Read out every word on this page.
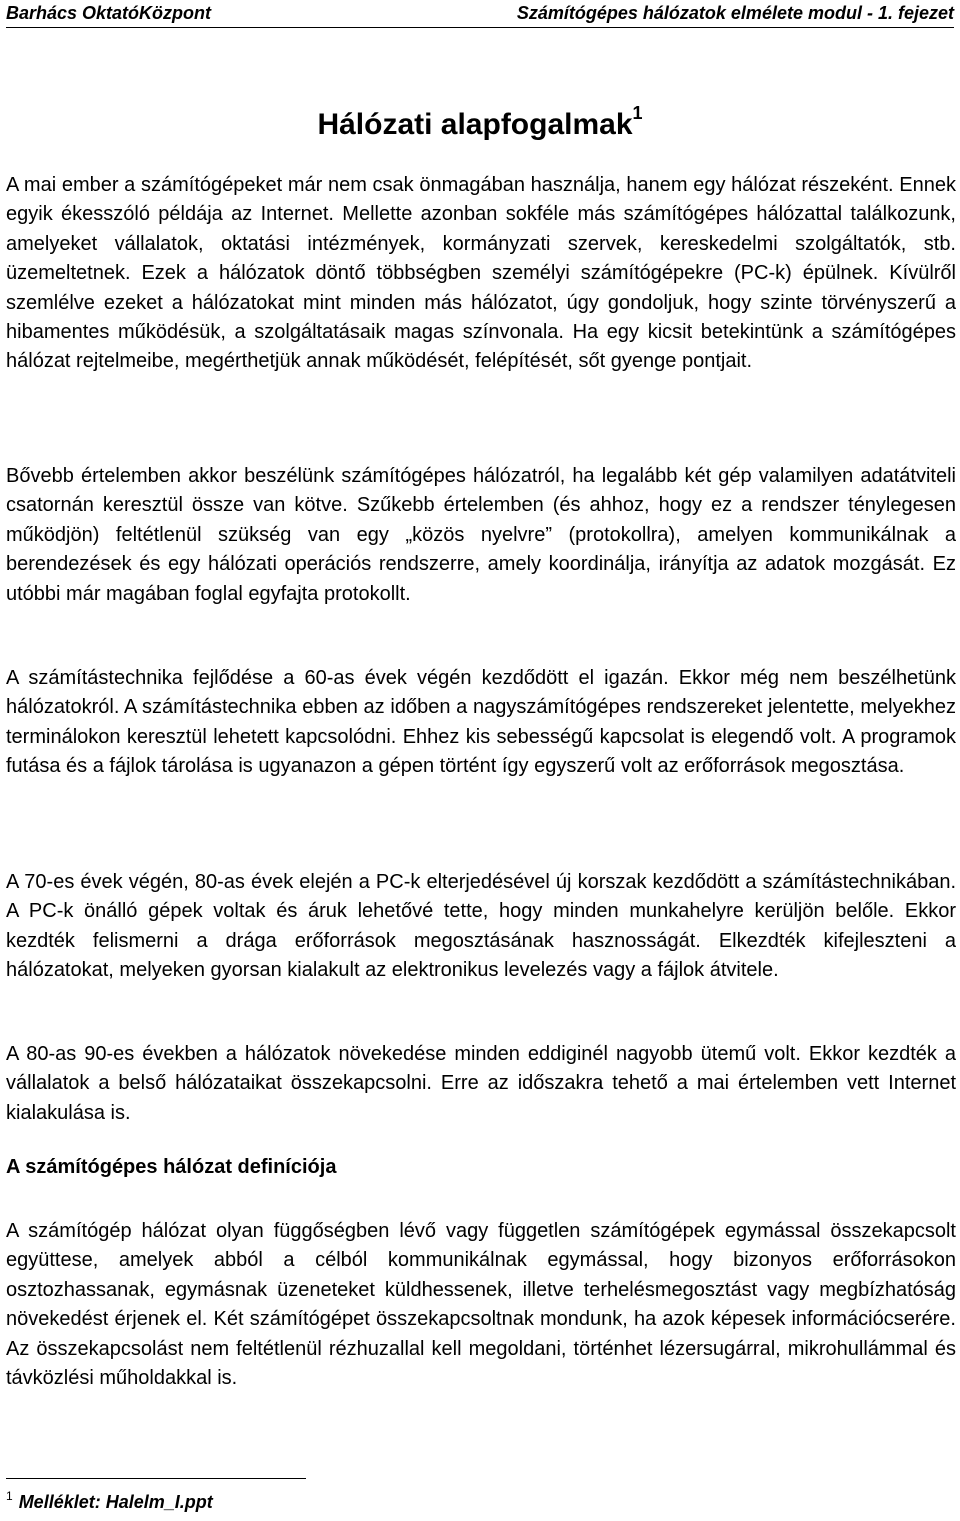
Barhács OktatóKözpont	Számítógépes hálózatok elmélete modul - 1. fejezet
Hálózati alapfogalmak$^1$

A mai ember a számítógépeket már nem csak önmagában használja, hanem egy hálózat részeként. Ennek egyik ékesszóló példája az Internet. Mellette azonban sokféle más számítógépes hálózattal találkozunk, amelyeket vállalatok, oktatási intézmények, kormányzati szervek, kereskedelmi szolgáltatók, stb. üzemeltetnek. Ezek a hálózatok döntő többségben személyi számítógépekre (PC-k) épülnek. Kívülről szemlélve ezeket a hálózatokat mint minden más hálózatot, úgy gondoljuk, hogy szinte törvényszerű a hibamentes működésük, a szolgáltatásaik magas színvonala. Ha egy kicsit betekintünk a számítógépes hálózat rejtelmeibe, megérthetjük annak működését, felépítését, sőt gyenge pontjait.

Bővebb értelemben akkor beszélünk számítógépes hálózatról, ha legalább két gép valamilyen adatátviteli csatornán keresztül össze van kötve. Szűkebb értelemben (és ahhoz, hogy ez a rendszer ténylegesen működjön) feltétlenül szükség van egy „közös nyelvre” (protokollra), amelyen kommunikálnak a berendezések és egy hálózati operációs rendszerre, amely koordinálja, irányítja az adatok mozgását. Ez utóbbi már magában foglal egyfajta protokollt.

A számítástechnika fejlődése a 60-as évek végén kezdődött el igazán. Ekkor még nem beszélhetünk hálózatokról. A számítástechnika ebben az időben a nagyszámítógépes rendszereket jelentette, melyekhez terminálokon keresztül lehetett kapcsolódni. Ehhez kis sebességű kapcsolat is elegendő volt. A programok futása és a fájlok tárolása is ugyanazon a gépen történt így egyszerű volt az erőforrások megosztása.

A 70-es évek végén, 80-as évek elején a PC-k elterjedésével új korszak kezdődött a számítástechnikában. A PC-k önálló gépek voltak és áruk lehetővé tette, hogy minden munkahelyre kerüljön belőle. Ekkor kezdték felismerni a drága erőforrások megosztásának hasznosságát. Elkezdték kifejleszteni a hálózatokat, melyeken gyorsan kialakult az elektronikus levelezés vagy a fájlok átvitele.

A 80-as 90-es években a hálózatok növekedése minden eddiginél nagyobb ütemű volt. Ekkor kezdték a vállalatok a belső hálózataikat összekapcsolni. Erre az időszakra tehető a mai értelemben vett Internet kialakulása is.

A számítógépes hálózat definíciója

A számítógép hálózat olyan függőségben lévő vagy független számítógépek egymással összekapcsolt együttese, amelyek abból a célból kommunikálnak egymással, hogy bizonyos erőforrásokon osztozhassanak, egymásnak üzeneteket küldhessenek, illetve terhelésmegosztást vagy megbízhatóság növekedést érjenek el. Két számítógépet összekapcsoltnak mondunk, ha azok képesek információcserére. Az összekapcsolást nem feltétlenül rézhuzallal kell megoldani, történhet lézersugárral, mikrohullámmal és távközlési műholdakkal is.

$^1$ Melléklet: Halelm_I.ppt
